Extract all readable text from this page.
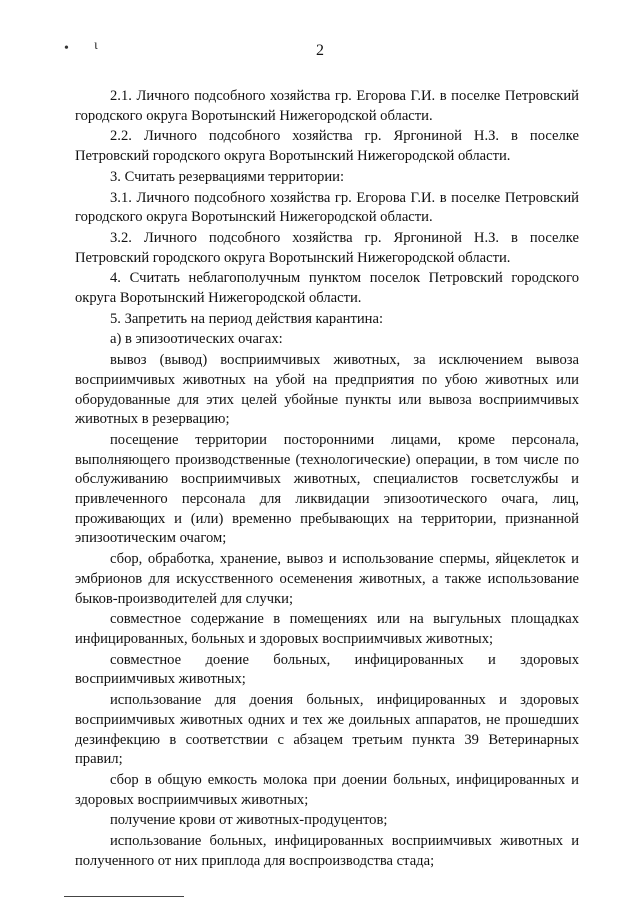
• ɩ	2

2.1. Личного подсобного хозяйства гр. Егорова Г.И. в поселке Петровский городского округа Воротынский Нижегородской области.

2.2. Личного подсобного хозяйства гр. Яргониной Н.З. в поселке Петровский городского округа Воротынский Нижегородской области.

3. Считать резервациями территории:

3.1. Личного подсобного хозяйства гр. Егорова Г.И. в поселке Петровский городского округа Воротынский Нижегородской области.

3.2. Личного подсобного хозяйства гр. Яргониной Н.З. в поселке Петровский городского округа Воротынский Нижегородской области.

4. Считать неблагополучным пунктом поселок Петровский городского округа Воротынский Нижегородской области.

5. Запретить на период действия карантина:

а) в эпизоотических очагах:

вывоз (вывод) восприимчивых животных, за исключением вывоза восприимчивых животных на убой на предприятия по убою животных или оборудованные для этих целей убойные пункты или вывоза восприимчивых животных в резервацию;

посещение территории посторонними лицами, кроме персонала, выполняющего производственные (технологические) операции, в том числе по обслуживанию восприимчивых животных, специалистов госветслужбы и привлеченного персонала для ликвидации эпизоотического очага, лиц, проживающих и (или) временно пребывающих на территории, признанной эпизоотическим очагом;

сбор, обработка, хранение, вывоз и использование спермы, яйцеклеток и эмбрионов для искусственного осеменения животных, а также использование быков-производителей для случки;

совместное содержание в помещениях или на выгульных площадках инфицированных, больных и здоровых восприимчивых животных;

совместное доение больных, инфицированных и здоровых восприимчивых животных;

использование для доения больных, инфицированных и здоровых восприимчивых животных одних и тех же доильных аппаратов, не прошедших дезинфекцию в соответствии с абзацем третьим пункта 39 Ветеринарных правил;

сбор в общую емкость молока при доении больных, инфицированных и здоровых восприимчивых животных;

получение крови от животных-продуцентов;

использование больных, инфицированных восприимчивых животных и полученного от них приплода для воспроизводства стада;
